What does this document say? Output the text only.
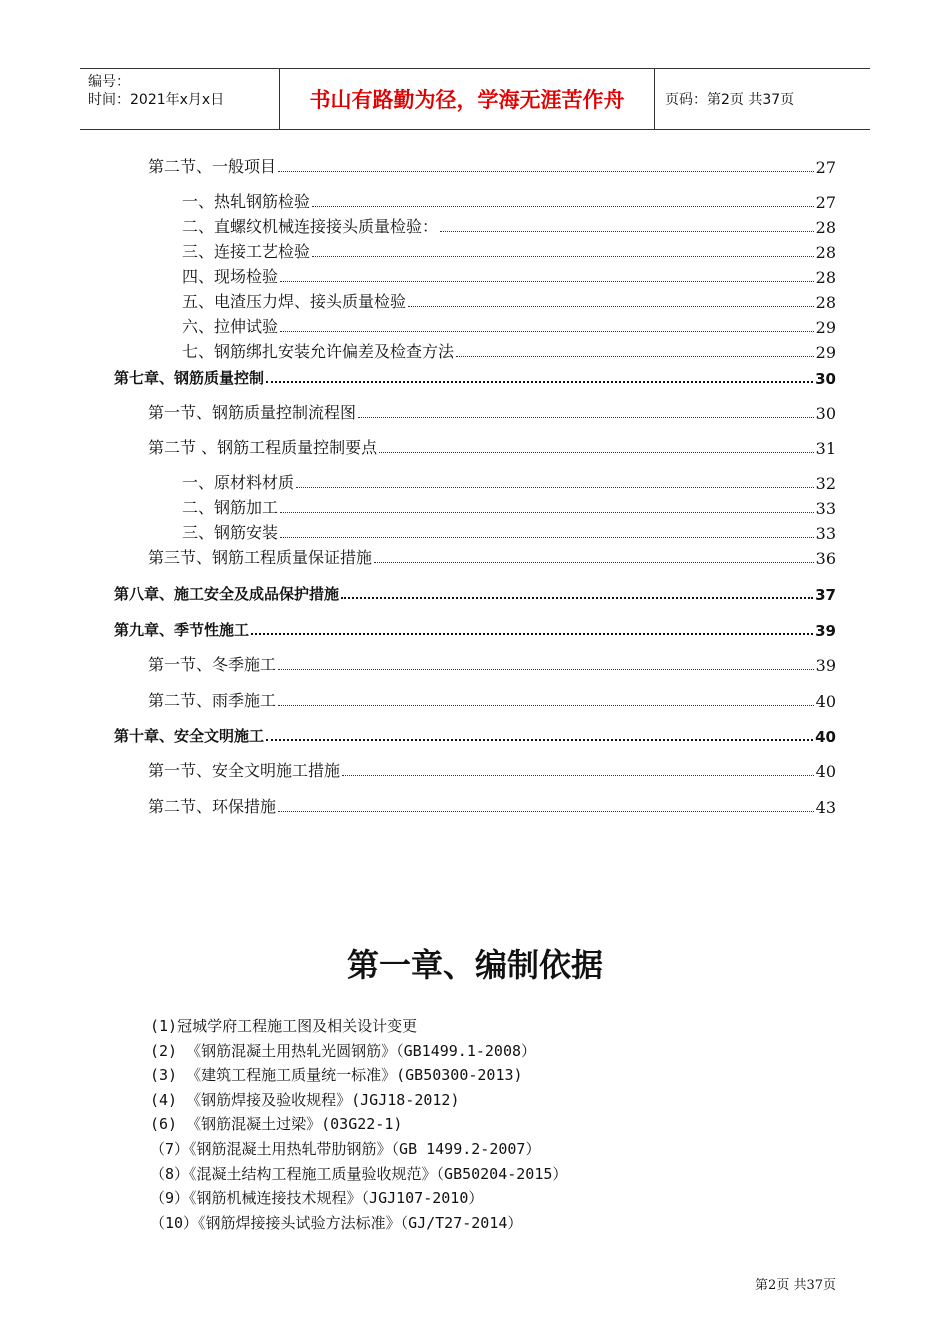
编号：
时间：2021年x月x日	书山有路勤为径，学海无涯苦作舟	页码：第2页 共37页
第二节、一般项目	27
一、热轧钢筋检验	27
二、直螺纹机械连接接头质量检验：	28
三、连接工艺检验	28
四、现场检验	28
五、电渣压力焊、接头质量检验	28
六、拉伸试验	29
七、钢筋绑扎安装允许偏差及检查方法	29
第七章、钢筋质量控制	30
第一节、钢筋质量控制流程图	30
第二节 、钢筋工程质量控制要点	31
一、原材料材质	32
二、钢筋加工	33
三、钢筋安装	33
第三节、钢筋工程质量保证措施	36
第八章、施工安全及成品保护措施	37
第九章、季节性施工	39
第一节、冬季施工	39
第二节、雨季施工	40
第十章、安全文明施工	40
第一节、安全文明施工措施	40
第二节、环保措施	43
第一章、编制依据
(1)冠城学府工程施工图及相关设计变更
(2) 《钢筋混凝土用热轧光圆钢筋》（GB1499.1-2008）
(3) 《建筑工程施工质量统一标准》(GB50300-2013)
(4) 《钢筋焊接及验收规程》(JGJ18-2012)
(6) 《钢筋混凝土过梁》(03G22-1)
（7）《钢筋混凝土用热轧带肋钢筋》（GB 1499.2-2007）
（8）《混凝土结构工程施工质量验收规范》（GB50204-2015）
（9）《钢筋机械连接技术规程》（JGJ107-2010）
（10）《钢筋焊接接头试验方法标准》（GJ/T27-2014）
第2页 共37页
